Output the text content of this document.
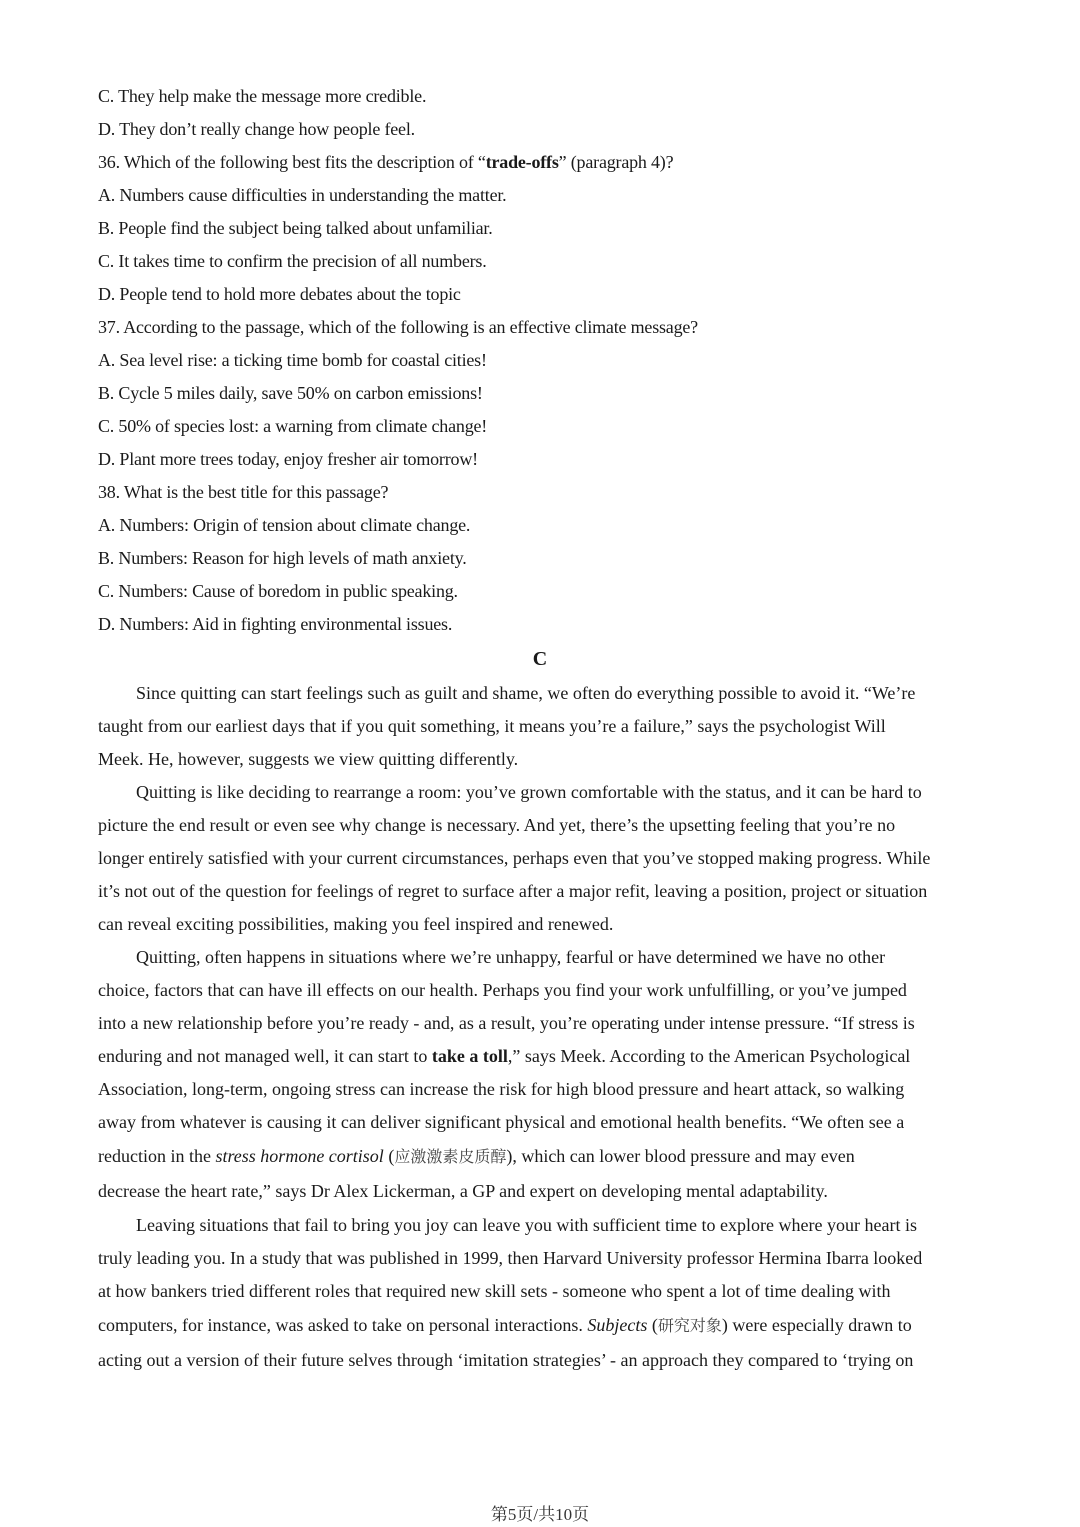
C. They help make the message more credible.
D. They don’t really change how people feel.
36. Which of the following best fits the description of “trade-offs” (paragraph 4)?
A. Numbers cause difficulties in understanding the matter.
B. People find the subject being talked about unfamiliar.
C. It takes time to confirm the precision of all numbers.
D. People tend to hold more debates about the topic
37. According to the passage, which of the following is an effective climate message?
A. Sea level rise: a ticking time bomb for coastal cities!
B. Cycle 5 miles daily, save 50% on carbon emissions!
C. 50% of species lost: a warning from climate change!
D. Plant more trees today, enjoy fresher air tomorrow!
38. What is the best title for this passage?
A. Numbers: Origin of tension about climate change.
B. Numbers: Reason for high levels of math anxiety.
C. Numbers: Cause of boredom in public speaking.
D. Numbers: Aid in fighting environmental issues.
C
Since quitting can start feelings such as guilt and shame, we often do everything possible to avoid it. “We’re
taught from our earliest days that if you quit something, it means you’re a failure,” says the psychologist Will
Meek. He, however, suggests we view quitting differently.
Quitting is like deciding to rearrange a room: you’ve grown comfortable with the status, and it can be hard to
picture the end result or even see why change is necessary. And yet, there’s the upsetting feeling that you’re no
longer entirely satisfied with your current circumstances, perhaps even that you’ve stopped making progress. While
it’s not out of the question for feelings of regret to surface after a major refit, leaving a position, project or situation
can reveal exciting possibilities, making you feel inspired and renewed.
Quitting, often happens in situations where we’re unhappy, fearful or have determined we have no other
choice, factors that can have ill effects on our health. Perhaps you find your work unfulfilling, or you’ve jumped
into a new relationship before you’re ready - and, as a result, you’re operating under intense pressure. “If stress is
enduring and not managed well, it can start to take a toll,” says Meek. According to the American Psychological
Association, long-term, ongoing stress can increase the risk for high blood pressure and heart attack, so walking
away from whatever is causing it can deliver significant physical and emotional health benefits. “We often see a
reduction in the stress hormone cortisol (应激激素皮质醇), which can lower blood pressure and may even
decrease the heart rate,” says Dr Alex Lickerman, a GP and expert on developing mental adaptability.
Leaving situations that fail to bring you joy can leave you with sufficient time to explore where your heart is
truly leading you. In a study that was published in 1999, then Harvard University professor Hermina Ibarra looked
at how bankers tried different roles that required new skill sets - someone who spent a lot of time dealing with
computers, for instance, was asked to take on personal interactions. Subjects (研究对象) were especially drawn to
acting out a version of their future selves through ‘imitation strategies’ - an approach they compared to ‘trying on
第5页/共10页
